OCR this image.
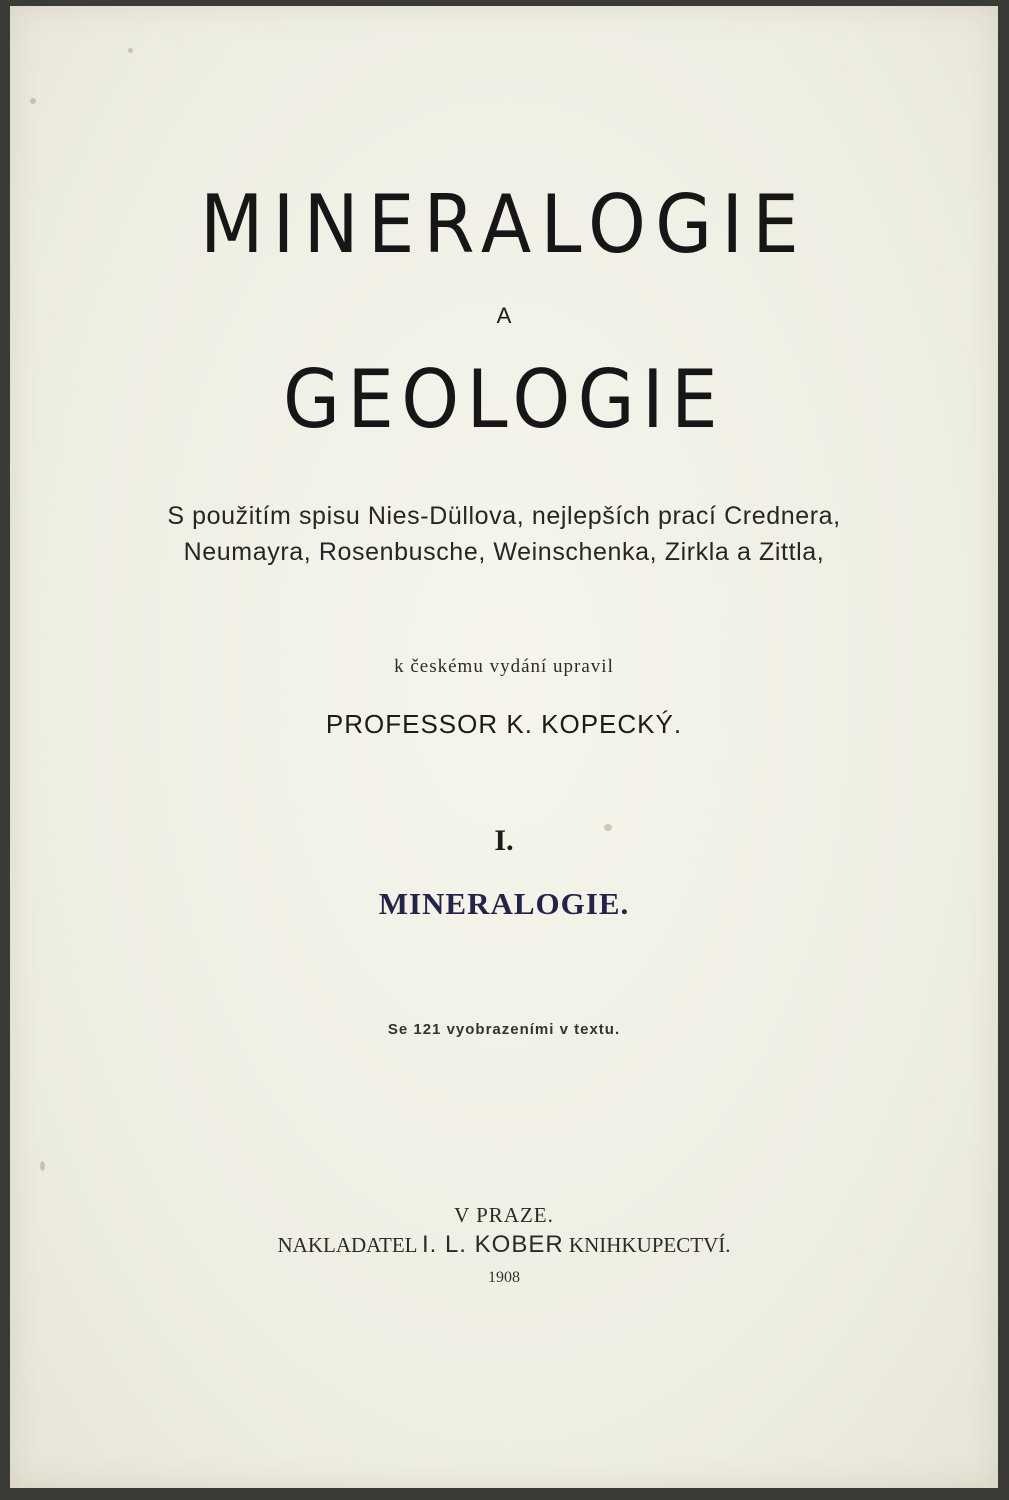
MINERALOGIE
A
GEOLOGIE
S použitím spisu Nies-Düllova, nejlepších prací Crednera,
Neumayra, Rosenbusche, Weinschenka, Zirkla a Zittla,
k českému vydání upravil
PROFESSOR K. KOPECKÝ.
I.
MINERALOGIE.
Se 121 vyobrazeními v textu.
V PRAZE.
NAKLADATEL I. L. KOBER KNIHKUPECTVÍ.
1908
